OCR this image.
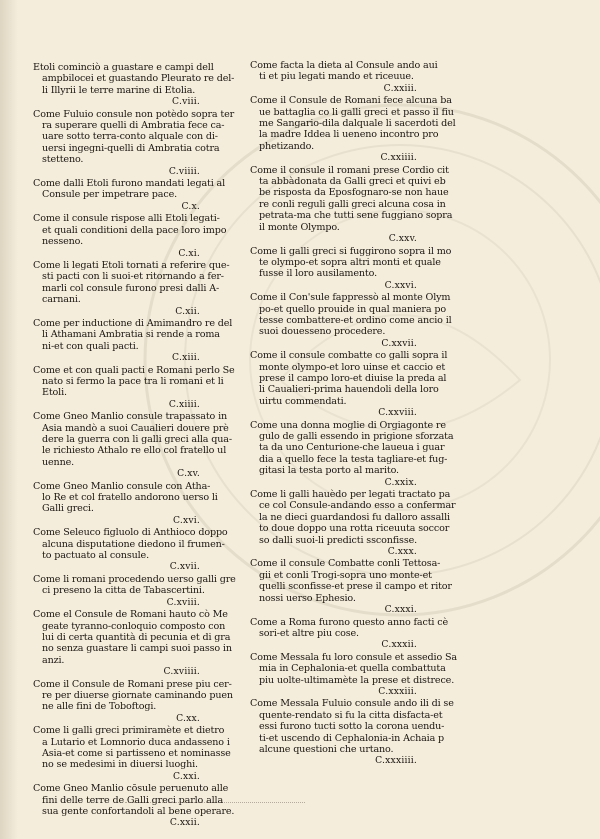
Etoli cominciò a guastare e campi dell
ampbilocei et guastando Pleurato re del-
li Illyrii le terre marine di Etolia.
C.viii.
Come Fuluio consule non potèdo sopra ter
ra superare quelli di Ambratia fece ca-
uare sotto terra-conto alquale con di-
uersi ingegni-quelli di Ambratia cotra
stetteno.
C.viiii.
Come dalli Etoli furono mandati legati al
Consule per impetrare pace.
C.x.
Come il consule rispose alli Etoli legati-
et quali conditioni della pace loro impo
nesseno.
C.xi.
Come li legati Etoli tornati a referire que-
sti pacti con li suoi-et ritornando a fer-
marli col consule furono presi dalli A-
carnani.
C.xii.
Come per inductione di Amimandro re del
li Athamani Ambratia si rende a roma
ni-et con quali pacti.
C.xiii.
Come et con quali pacti e Romani perlo Se
nato si fermo la pace tra li romani et li
Etoli.
C.xiiii.
Come Gneo Manlio consule trapassato in
Asia mandò a suoi Caualieri douere prè
dere la guerra con li galli greci alla qua-
le richiesto Athalo re ello col fratello ul
uenne.
C.xv.
Come Gneo Manlio consule con Atha-
lo Re et col fratello andorono uerso li
Galli greci.
C.xvi.
Come Seleuco figluolo di Anthioco doppo
alcuna disputatione diedono il frumen-
to pactuato al consule.
C.xvii.
Come li romani procedendo uerso galli gre
ci preseno la citta de Tabascertini.
C.xviii.
Come el Consule de Romani hauto cò Me
geate tyranno-conloquio composto con
lui di certa quantità di pecunia et di gra
no senza guastare li campi suoi passo in
anzi.
C.xviiii.
Come il Consule de Romani prese piu cer-
re per diuerse giornate caminando puen
ne alle fini de Toboftogi.
C.xx.
Come li galli greci primiramète et dietro
a Lutario et Lomnorio duca andasseno i
Asia-et come si partisseno et nominasse
no se medesimi in diuersi luoghi.
C.xxi.
Come Gneo Manlio cōsule peruenuto alle
fini delle terre de Galli greci parlo alla
sua gente confortandoli al bene operare.
C.xxii.
Come facta la dieta al Consule ando aui
ti et piu legati mando et riceuue.
C.xxiii.
Come il Consule de Romani fece alcuna ba
ue battaglia co li galli greci et passo il fiu
me Sangario-dila dalquale li sacerdoti del
la madre Iddea li ueneno incontro pro
phetizando.
C.xxiiii.
Come il consule il romani prese Cordio cit
ta abbàdonata da Galli greci et quivi eb
be risposta da Eposfognaro-se non haue
re conli reguli galli greci alcuna cosa in
petrata-ma che tutti sene fuggiano sopra
il monte Olympo.
C.xxv.
Come li galli greci si fuggirono sopra il mo
te olympo-et sopra altri monti et quale
fusse il loro ausilamento.
C.xxvi.
Come il Con'sule fappressò al monte Olym
po-et quello prouide in qual maniera po
tesse combattere-et ordino come ancio il
suoi douesseno procedere.
C.xxvii.
Come il consule combatte co galli sopra il
monte olympo-et loro uinse et caccio et
prese il campo loro-et diuise la preda al
li Caualieri-prima hauendoli della loro
uirtu commendati.
C.xxviii.
Come una donna moglie di Orgiagonte re
gulo de galli essendo in prigione sforzata
ta da uno Centurione-che laueua i guar
dia a quello fece la testa tagliare-et fug-
gitasi la testa porto al marito.
C.xxix.
Come li galli hauèdo per legati tractato pa
ce col Consule-andando esso a confermar
la ne dieci guardandosi fu dalloro assalli
to doue doppo una rotta riceuuta soccor
so dalli suoi-li predicti ssconfisse.
C.xxx.
Come il consule Combatte conli Tettosa-
gii et conli Trogi-sopra uno monte-et
quelli sconfisse-et prese il campo et ritor
nossi uerso Ephesio.
C.xxxi.
Come a Roma furono questo anno facti cè
sori-et altre piu cose.
C.xxxii.
Come Messala fu loro consule et assedio Sa
mia in Cephalonia-et quella combattuta
piu uolte-ultimamète la prese et distrece.
C.xxxiii.
Come Messala Fuluio consule ando ili di se
quente-rendato si fu la citta disfacta-et
essi furono tucti sotto la corona uendu-
ti-et uscendo di Cephalonia-in Achaia p
alcune questioni che urtano.
C.xxxiiii.
